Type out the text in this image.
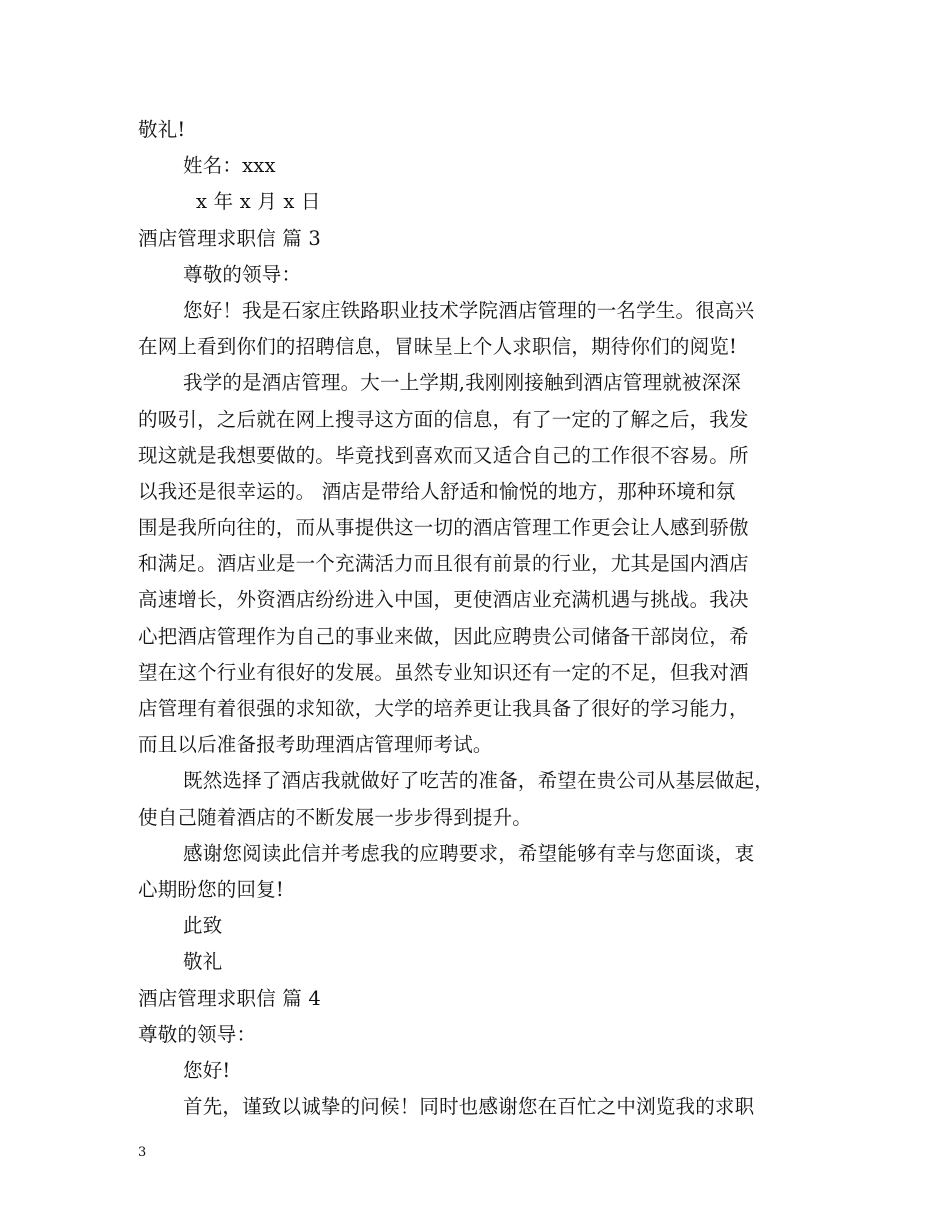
敬礼!
姓名：xxx
x 年 x 月 x 日
酒店管理求职信 篇 3
尊敬的领导：
您好！我是石家庄铁路职业技术学院酒店管理的一名学生。很高兴
在网上看到你们的招聘信息，冒昧呈上个人求职信，期待你们的阅览!
我学的是酒店管理。大一上学期,我刚刚接触到酒店管理就被深深
的吸引，之后就在网上搜寻这方面的信息，有了一定的了解之后，我发
现这就是我想要做的。毕竟找到喜欢而又适合自己的工作很不容易。所
以我还是很幸运的。 酒店是带给人舒适和愉悦的地方，那种环境和氛
围是我所向往的，而从事提供这一切的酒店管理工作更会让人感到骄傲
和满足。酒店业是一个充满活力而且很有前景的行业，尤其是国内酒店
高速增长，外资酒店纷纷进入中国，更使酒店业充满机遇与挑战。我决
心把酒店管理作为自己的事业来做，因此应聘贵公司储备干部岗位，希
望在这个行业有很好的发展。虽然专业知识还有一定的不足，但我对酒
店管理有着很强的求知欲，大学的培养更让我具备了很好的学习能力，
而且以后准备报考助理酒店管理师考试。
既然选择了酒店我就做好了吃苦的准备，希望在贵公司从基层做起，
使自己随着酒店的不断发展一步步得到提升。
感谢您阅读此信并考虑我的应聘要求，希望能够有幸与您面谈，衷
心期盼您的回复!
此致
敬礼
酒店管理求职信 篇 4
尊敬的领导：
您好!
首先，谨致以诚挚的问候！同时也感谢您在百忙之中浏览我的求职
3
